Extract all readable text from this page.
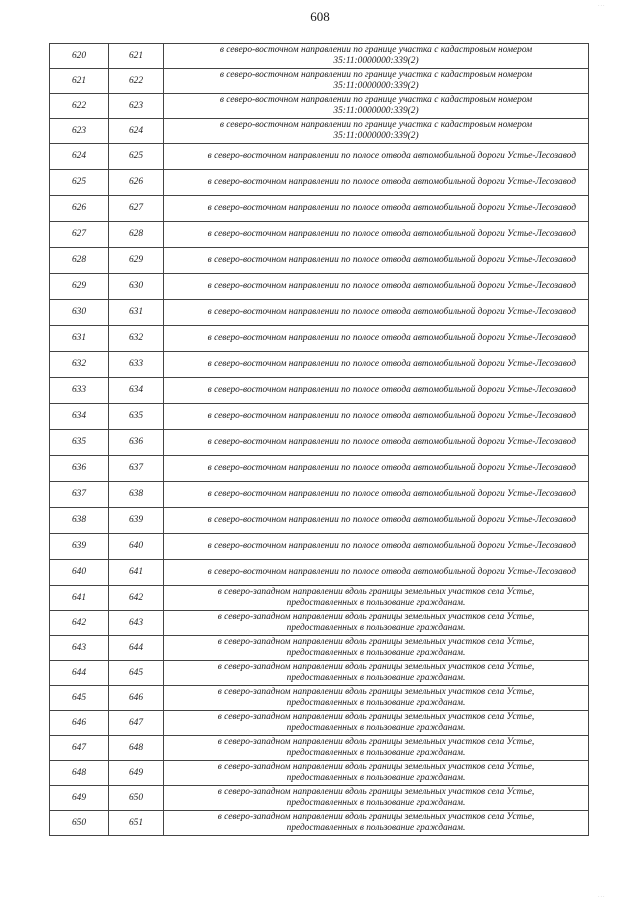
...
608
620	621	в северо-восточном направлении по границе участка с кадастровым номером
35:11:0000000:339(2)

621	622	в северо-восточном направлении по границе участка с кадастровым номером
35:11:0000000:339(2)

622	623	в северо-восточном направлении по границе участка с кадастровым номером
35:11:0000000:339(2)

623	624	в северо-восточном направлении по границе участка с кадастровым номером
35:11:0000000:339(2)

624	625	в северо-восточном направлении по полосе отвода автомобильной дороги Устье-Лесозавод

625	626	в северо-восточном направлении по полосе отвода автомобильной дороги Устье-Лесозавод

626	627	в северо-восточном направлении по полосе отвода автомобильной дороги Устье-Лесозавод

627	628	в северо-восточном направлении по полосе отвода автомобильной дороги Устье-Лесозавод

628	629	в северо-восточном направлении по полосе отвода автомобильной дороги Устье-Лесозавод

629	630	в северо-восточном направлении по полосе отвода автомобильной дороги Устье-Лесозавод

630	631	в северо-восточном направлении по полосе отвода автомобильной дороги Устье-Лесозавод

631	632	в северо-восточном направлении по полосе отвода автомобильной дороги Устье-Лесозавод

632	633	в северо-восточном направлении по полосе отвода автомобильной дороги Устье-Лесозавод

633	634	в северо-восточном направлении по полосе отвода автомобильной дороги Устье-Лесозавод

634	635	в северо-восточном направлении по полосе отвода автомобильной дороги Устье-Лесозавод

635	636	в северо-восточном направлении по полосе отвода автомобильной дороги Устье-Лесозавод

636	637	в северо-восточном направлении по полосе отвода автомобильной дороги Устье-Лесозавод

637	638	в северо-восточном направлении по полосе отвода автомобильной дороги Устье-Лесозавод

638	639	в северо-восточном направлении по полосе отвода автомобильной дороги Устье-Лесозавод

639	640	в северо-восточном направлении по полосе отвода автомобильной дороги Устье-Лесозавод

640	641	в северо-восточном направлении по полосе отвода автомобильной дороги Устье-Лесозавод

641	642	в северо-западном направлении вдоль границы земельных участков села Устье,
предоставленных в пользование гражданам.

642	643	в северо-западном направлении вдоль границы земельных участков села Устье,
предоставленных в пользование гражданам.

643	644	в северо-западном направлении вдоль границы земельных участков села Устье,
предоставленных в пользование гражданам.

644	645	в северо-западном направлении вдоль границы земельных участков села Устье,
предоставленных в пользование гражданам.

645	646	в северо-западном направлении вдоль границы земельных участков села Устье,
предоставленных в пользование гражданам.

646	647	в северо-западном направлении вдоль границы земельных участков села Устье,
предоставленных в пользование гражданам.

647	648	в северо-западном направлении вдоль границы земельных участков села Устье,
предоставленных в пользование гражданам.

648	649	в северо-западном направлении вдоль границы земельных участков села Устье,
предоставленных в пользование гражданам.

649	650	в северо-западном направлении вдоль границы земельных участков села Устье,
предоставленных в пользование гражданам.

650	651	в северо-западном направлении вдоль границы земельных участков села Устье,
предоставленных в пользование гражданам.
...
